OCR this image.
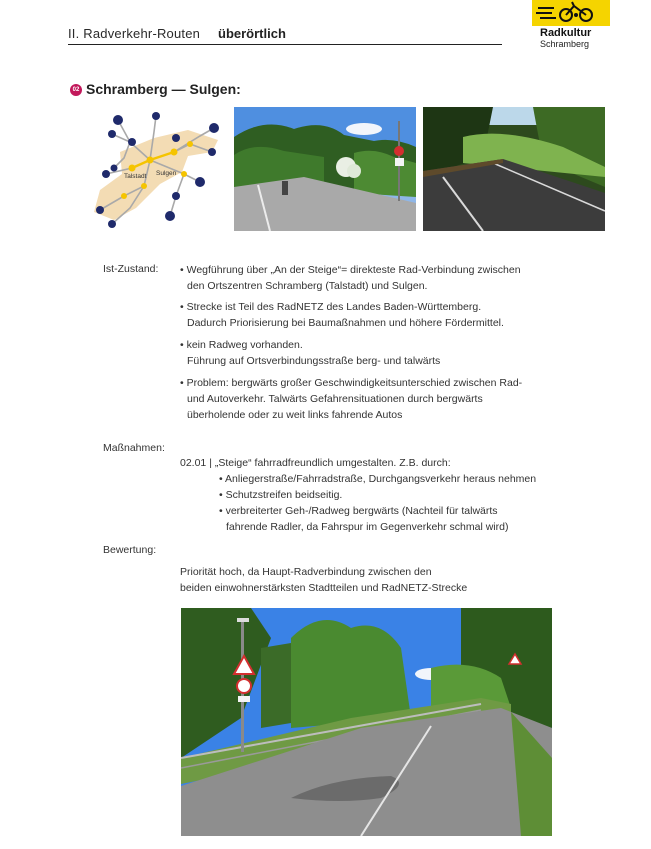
II. Radverkehr-Routen überörtlich	Radkultur
Schramberg
02 Schramberg — Sulgen:
Talstadt Sulgen
Ist-Zustand: • Wegführung über „An der Steige“= direkteste Rad-Verbindung zwischen
den Ortszentren Schramberg (Talstadt) und Sulgen.
• Strecke ist Teil des RadNETZ des Landes Baden-Württemberg.
Dadurch Priorisierung bei Baumaßnahmen und höhere Fördermittel.
• kein Radweg vorhanden.
Führung auf Ortsverbindungsstraße berg- und talwärts
• Problem: bergwärts großer Geschwindigkeitsunterschied zwischen Rad-
und Autoverkehr. Talwärts Gefahrensituationen durch bergwärts
überholende oder zu weit links fahrende Autos
Maßnahmen:
02.01 | „Steige“ fahrradfreundlich umgestalten. Z.B. durch:
• Anliegerstraße/Fahrradstraße, Durchgangsverkehr heraus nehmen
• Schutzstreifen beidseitig.
• verbreiterter Geh-/Radweg bergwärts (Nachteil für talwärts
fahrende Radler, da Fahrspur im Gegenverkehr schmal wird)
Bewertung:
Priorität hoch, da Haupt-Radverbindung zwischen den
beiden einwohnerstärksten Stadtteilen und RadNETZ-Strecke
